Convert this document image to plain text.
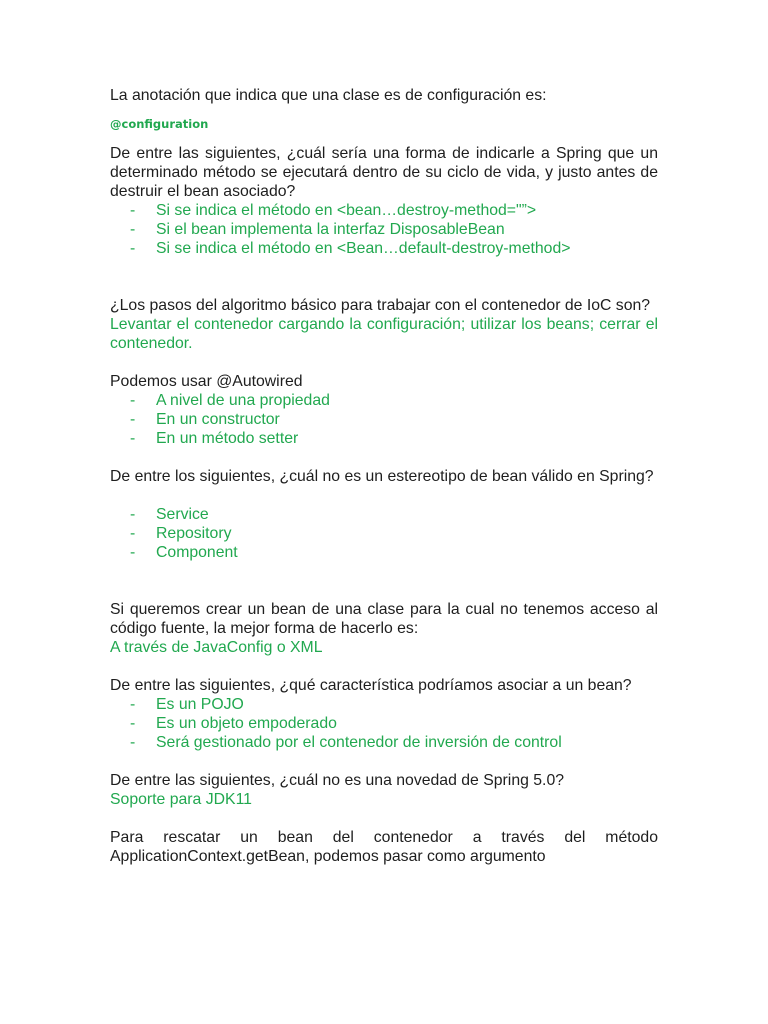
La anotación que indica que una clase es de configuración es:

@configuration

De entre las siguientes, ¿cuál sería una forma de indicarle a Spring que un determinado método se ejecutará dentro de su ciclo de vida, y justo antes de destruir el bean asociado?

- Si se indica el método en <bean…destroy-method="”>
- Si el bean implementa la interfaz DisposableBean
- Si se indica el método en <Bean…default-destroy-method>

¿Los pasos del algoritmo básico para trabajar con el contenedor de IoC son?

Levantar el contenedor cargando la configuración; utilizar los beans; cerrar el contenedor.

Podemos usar @Autowired

- A nivel de una propiedad
- En un constructor
- En un método setter

De entre los siguientes, ¿cuál no es un estereotipo de bean válido en Spring?

- Service
- Repository
- Component

Si queremos crear un bean de una clase para la cual no tenemos acceso al código fuente, la mejor forma de hacerlo es:

A través de JavaConfig o XML

De entre las siguientes, ¿qué característica podríamos asociar a un bean?

- Es un POJO
- Es un objeto empoderado
- Será gestionado por el contenedor de inversión de control

De entre las siguientes, ¿cuál no es una novedad de Spring 5.0?

Soporte para JDK11

Para rescatar un bean del contenedor a través del método ApplicationContext.getBean, podemos pasar como argumento
